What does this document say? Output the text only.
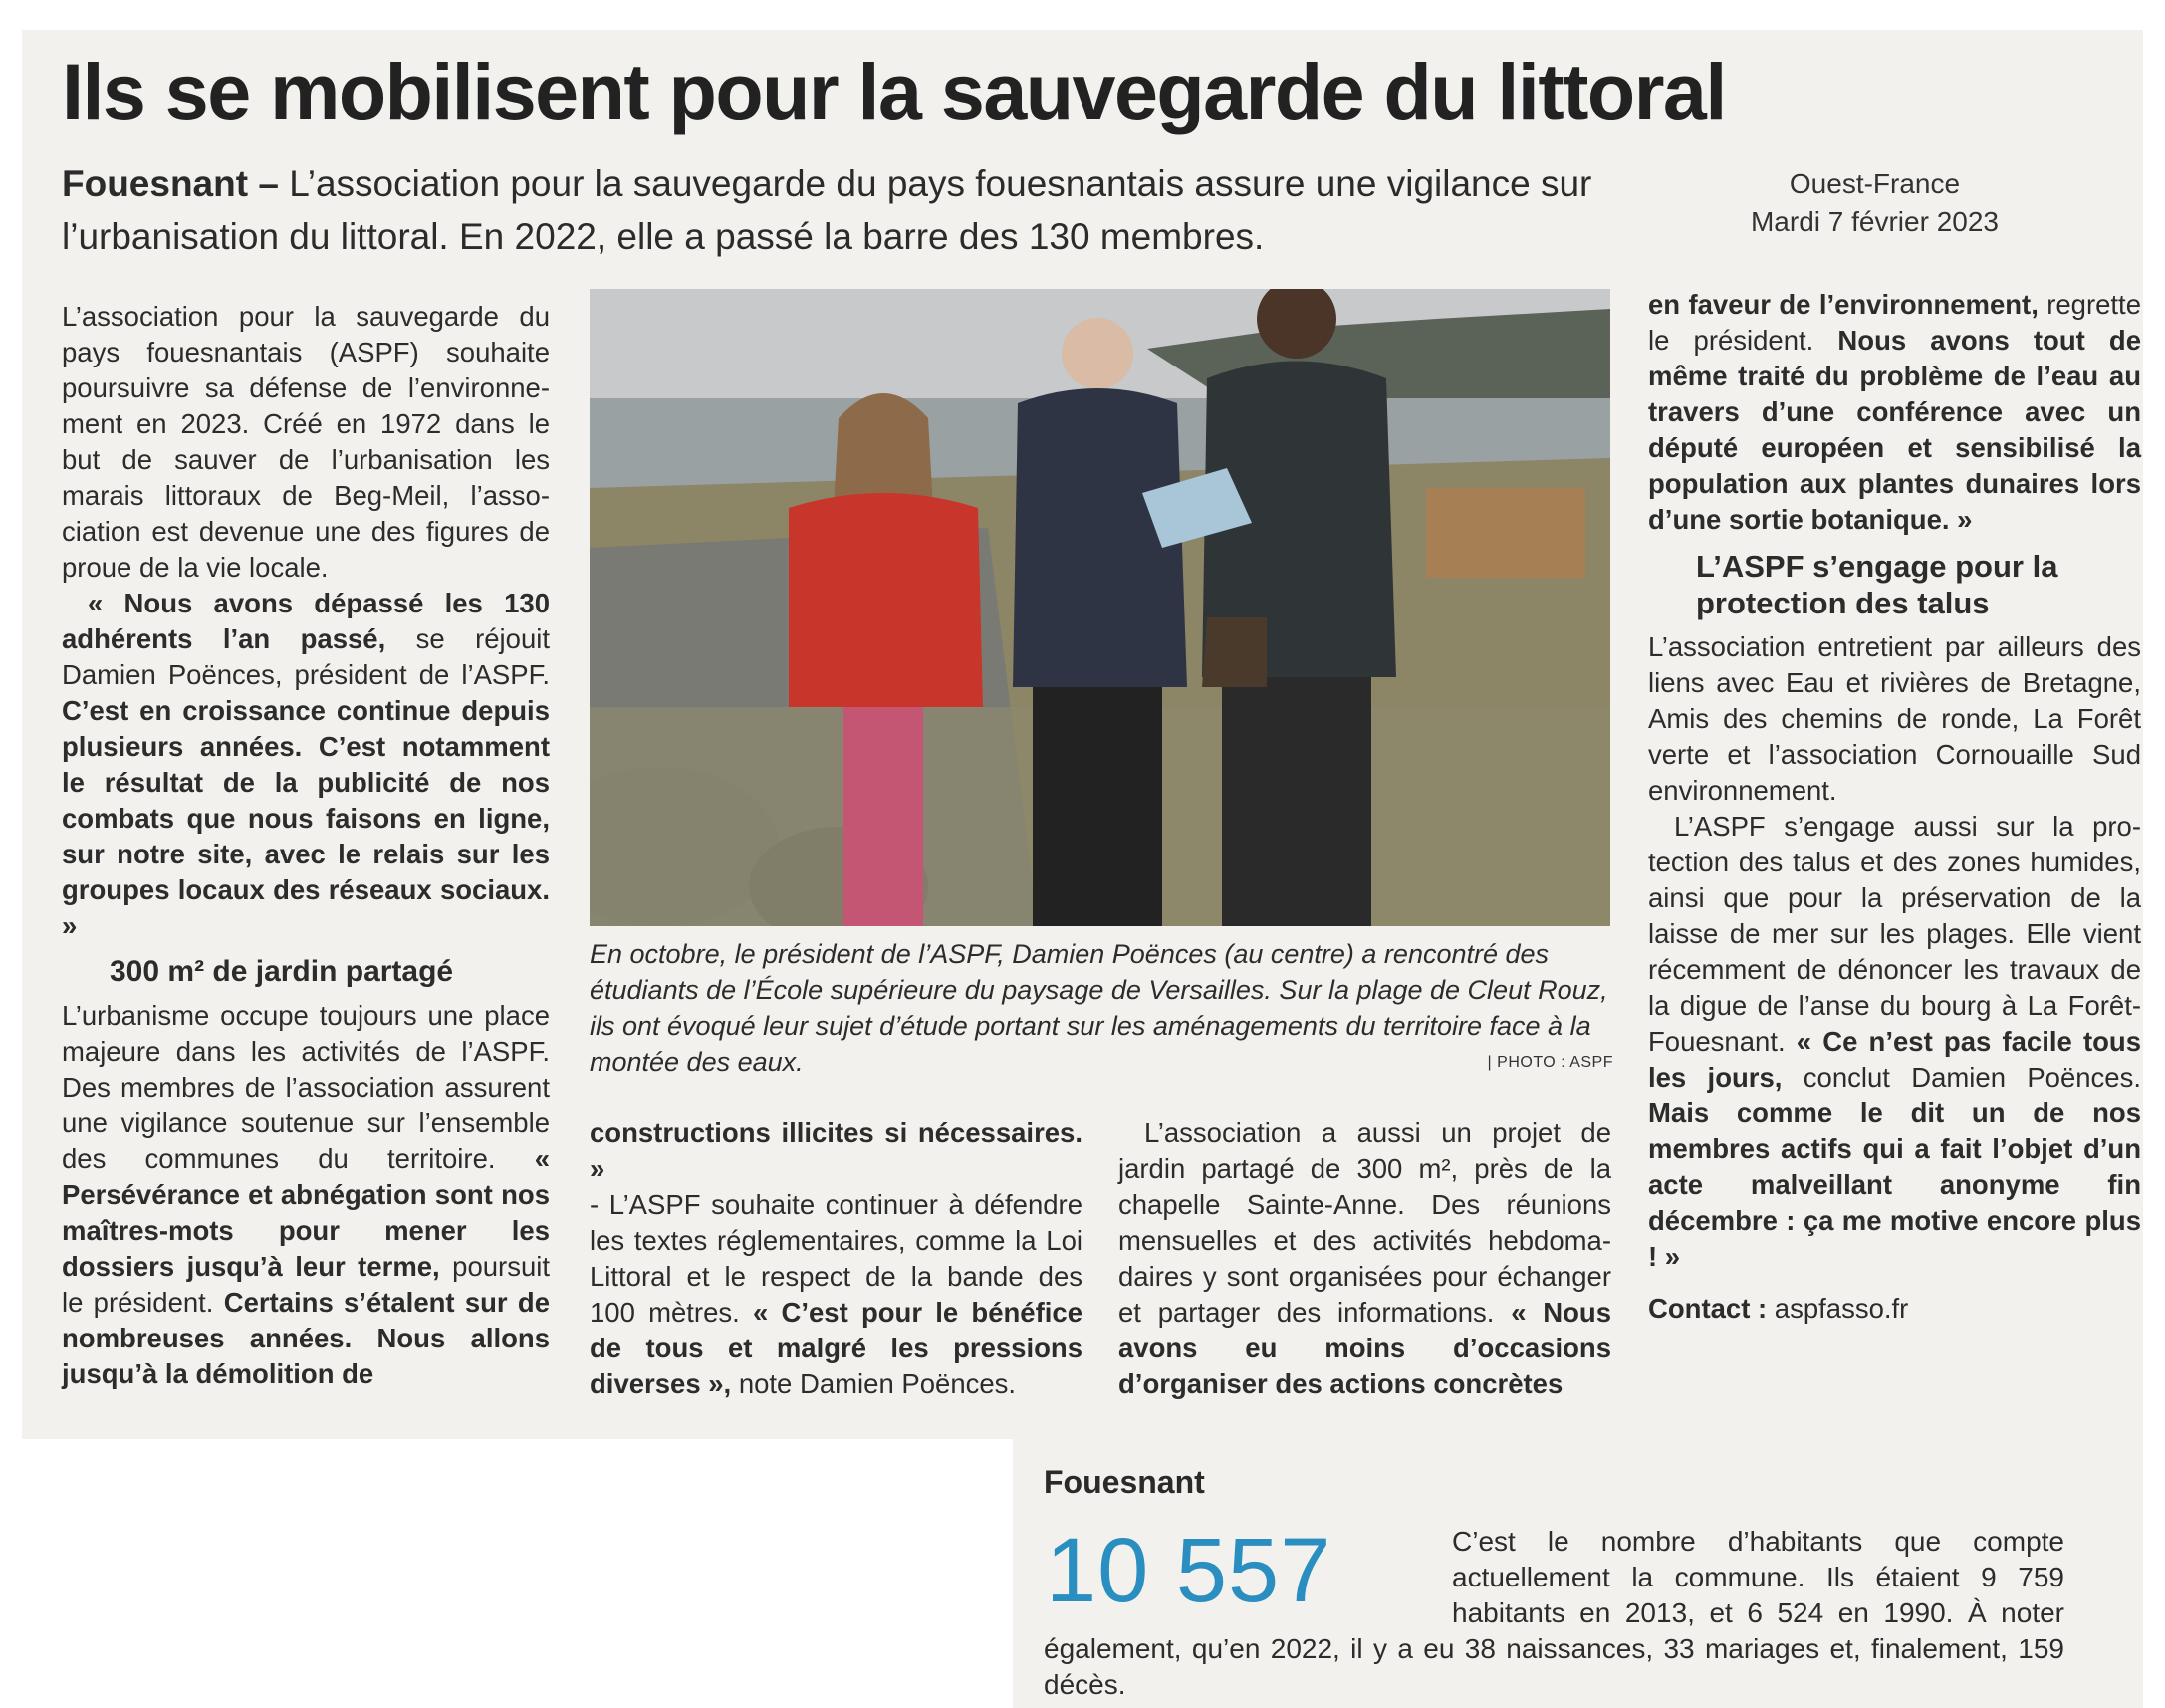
Ils se mobilisent pour la sauvegarde du littoral
Fouesnant – L’association pour la sauvegarde du pays fouesnantais assure une vigilance sur l’urbanisation du littoral. En 2022, elle a passé la barre des 130 membres.
Ouest-France
Mardi 7 février 2023

L’association pour la sauvegarde du pays fouesnantais (ASPF) souhaite poursuivre sa défense de l’environnement en 2023. Créé en 1972 dans le but de sauver de l’urbanisation les marais littoraux de Beg-Meil, l’association est devenue une des figures de proue de la vie locale.

« Nous avons dépassé les 130 adhérents l’an passé, se réjouit Damien Poënces, président de l’ASPF. C’est en croissance continue depuis plusieurs années. C’est notamment le résultat de la publicité de nos combats que nous faisons en ligne, sur notre site, avec le relais sur les groupes locaux des réseaux sociaux. »

300 m² de jardin partagé

L’urbanisme occupe toujours une place majeure dans les activités de l’ASPF. Des membres de l’association assurent une vigilance soutenue sur l’ensemble des communes du territoire. « Persévérance et abnégation sont nos maîtres-mots pour mener les dossiers jusqu’à leur terme, poursuit le président. Certains s’étalent sur de nombreuses années. Nous allons jusqu’à la démolition de

En octobre, le président de l’ASPF, Damien Poënces (au centre) a rencontré des étudiants de l’École supérieure du paysage de Versailles. Sur la plage de Cleut Rouz, ils ont évoqué leur sujet d’étude portant sur les aménagements du territoire face à la montée des eaux.	| PHOTO : ASPF

constructions illicites si nécessaires. »

- L’ASPF souhaite continuer à défendre les textes réglementaires, comme la Loi Littoral et le respect de la bande des 100 mètres. « C’est pour le bénéfice de tous et malgré les pressions diverses », note Damien Poënces.

L’association a aussi un projet de jardin partagé de 300 m², près de la chapelle Sainte-Anne. Des réunions mensuelles et des activités hebdomadaires y sont organisées pour échanger et partager des informations. « Nous avons eu moins d’occasions d’organiser des actions concrètes

en faveur de l’environnement, regrette le président. Nous avons tout de même traité du problème de l’eau au travers d’une conférence avec un député européen et sensibilisé la population aux plantes dunaires lors d’une sortie botanique. »

L’ASPF s’engage pour la protection des talus

L’association entretient par ailleurs des liens avec Eau et rivières de Bretagne, Amis des chemins de ronde, La Forêt verte et l’association Cornouaille Sud environnement.

L’ASPF s’engage aussi sur la protection des talus et des zones humides, ainsi que pour la préservation de la laisse de mer sur les plages. Elle vient récemment de dénoncer les travaux de la digue de l’anse du bourg à La Forêt-Fouesnant. « Ce n’est pas facile tous les jours, conclut Damien Poënces. Mais comme le dit un de nos membres actifs qui a fait l’objet d’un acte malveillant anonyme fin décembre : ça me motive encore plus ! »

Contact : aspfasso.fr

Fouesnant
10 557	C’est le nombre d’habitants que compte actuellement la commune. Ils étaient 9 759 habitants en 2013, et 6 524 en 1990. À noter également, qu’en 2022, il y a eu 38 naissances, 33 mariages et, finalement, 159 décès.
